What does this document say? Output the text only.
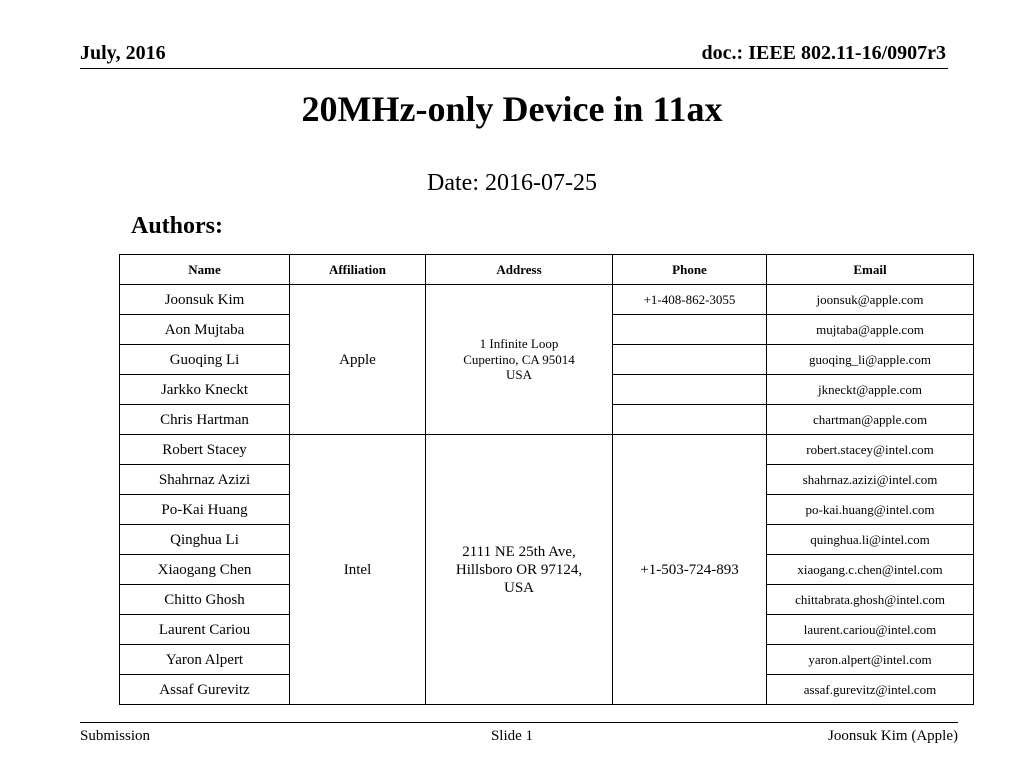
July, 2016	doc.: IEEE 802.11-16/0907r3
20MHz-only Device in 11ax
Date: 2016-07-25
Authors:
Name	Affiliation	Address	Phone	Email
Joonsuk Kim	Apple	1 Infinite Loop
Cupertino, CA 95014
USA	+1-408-862-3055	joonsuk@apple.com
Aon Mujtaba				mujtaba@apple.com
Guoqing Li				guoqing_li@apple.com
Jarkko Kneckt				jkneckt@apple.com
Chris Hartman				chartman@apple.com
Robert Stacey	Intel	2111 NE 25th Ave,
Hillsboro OR 97124,
USA	+1-503-724-893	robert.stacey@intel.com
Shahrnaz Azizi				shahrnaz.azizi@intel.com
Po-Kai Huang				po-kai.huang@intel.com
Qinghua Li				quinghua.li@intel.com
Xiaogang Chen				xiaogang.c.chen@intel.com
Chitto Ghosh				chittabrata.ghosh@intel.com
Laurent Cariou				laurent.cariou@intel.com
Yaron Alpert				yaron.alpert@intel.com
Assaf Gurevitz				assaf.gurevitz@intel.com
Submission	Slide 1	Joonsuk Kim (Apple)
